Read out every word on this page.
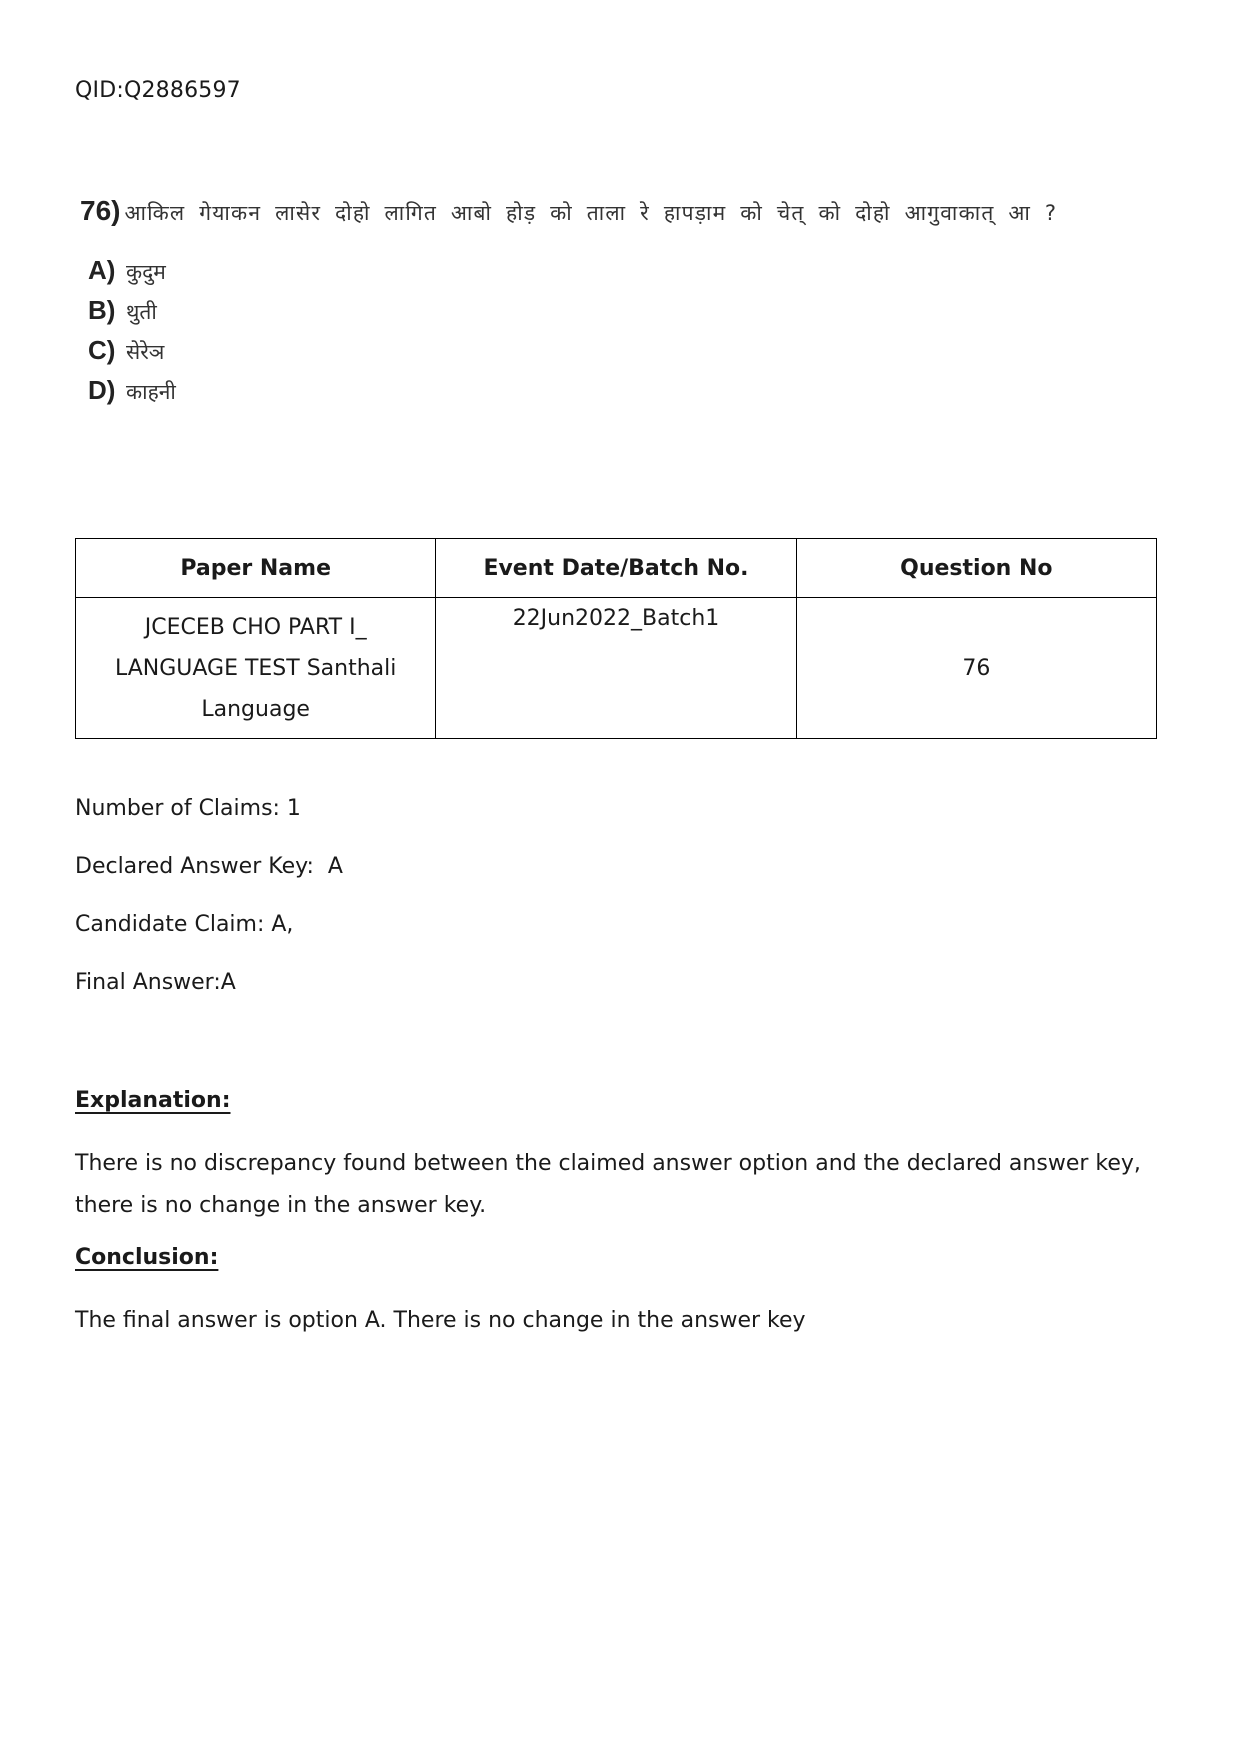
QID:Q2886597
76) आकिल गेयाकन लासेर दोहो लागित आबो होड़ को ताला रे हापड़ाम को चेत् को दोहो आगुवाकात् आ ?
A) कुदुम
B) थुती
C) सेरेञ
D) काहनी
Paper Name	Event Date/Batch No.	Question No
JCECEB CHO PART I_ LANGUAGE TEST Santhali Language	22Jun2022_Batch1	76
Number of Claims: 1
Declared Answer Key:  A
Candidate Claim: A,
Final Answer:A
Explanation:
There is no discrepancy found between the claimed answer option and the declared answer key, there is no change in the answer key.
Conclusion:
The final answer is option A. There is no change in the answer key
